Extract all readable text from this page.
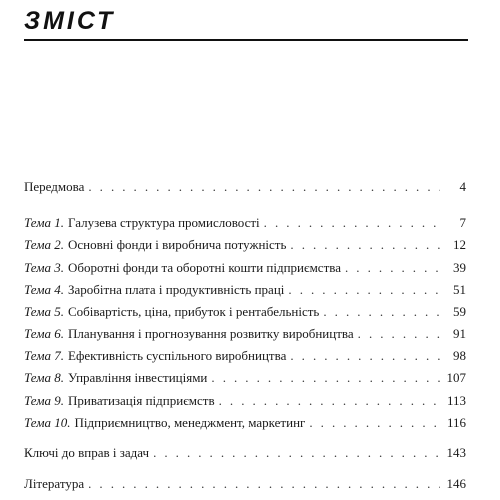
ЗМІСТ
Передмова . . .	4
Тема 1. Галузева структура промисловості . . .	7
Тема 2. Основні фонди і виробнича потужність . . .	12
Тема 3. Оборотні фонди та оборотні кошти підприємства . . .	39
Тема 4. Заробітна плата і продуктивність праці . . .	51
Тема 5. Собівартість, ціна, прибуток і рентабельність . . .	59
Тема 6. Планування і прогнозування розвитку виробництва . . .	91
Тема 7. Ефективність суспільного виробництва . . .	98
Тема 8. Управління інвестиціями . . .	107
Тема 9. Приватизація підприємств . . .	113
Тема 10. Підприємництво, менеджмент, маркетинг . . .	116
Ключі до вправ і задач . . .	143
Література . . .	146
